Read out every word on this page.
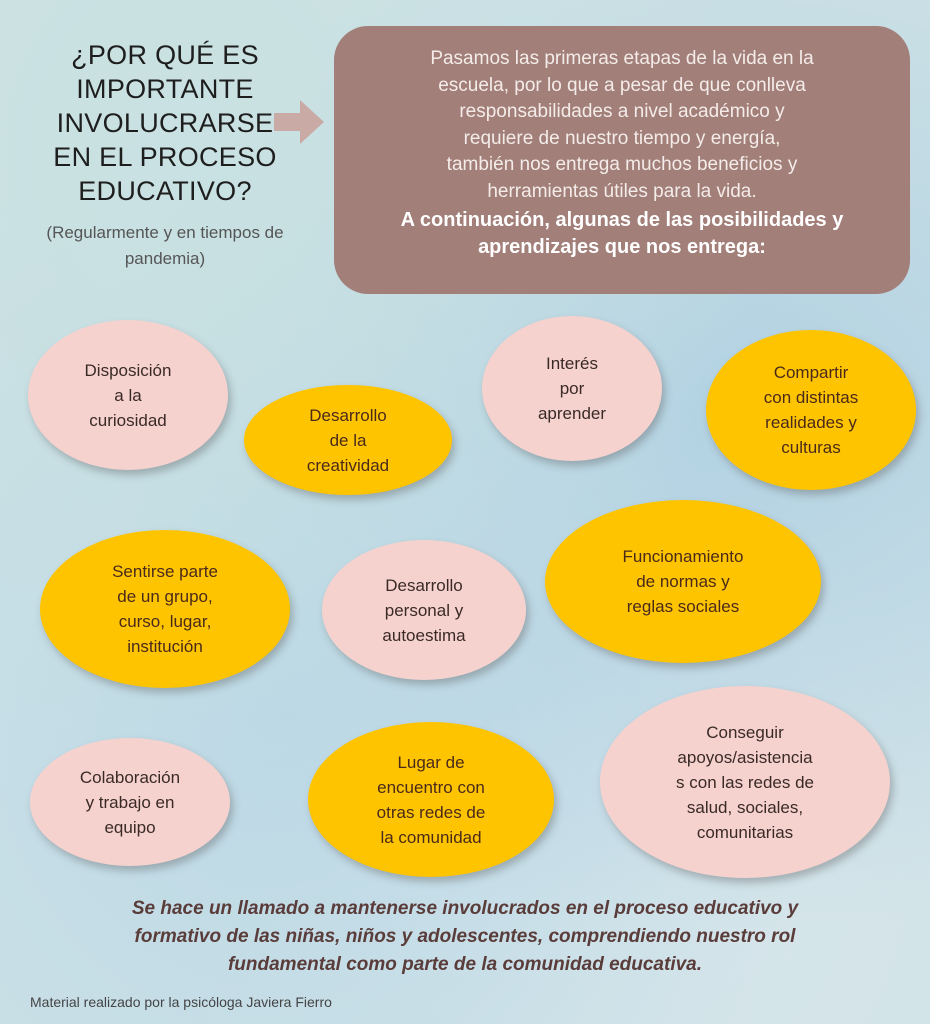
¿POR QUÉ ES
IMPORTANTE
INVOLUCRARSE
EN EL PROCESO
EDUCATIVO?
(Regularmente y en tiempos de
pandemia)
Pasamos las primeras etapas de la vida en la
escuela, por lo que a pesar de que conlleva
responsabilidades a nivel académico y
requiere de nuestro tiempo y energía,
también nos entrega muchos beneficios y
herramientas útiles para la vida.
A continuación, algunas de las posibilidades y
aprendizajes que nos entrega:
Disposición
a la
curiosidad	Desarrollo
de la
creatividad
Interés
por
aprender
Compartir
con distintas
realidades y
culturas
Sentirse parte
de un grupo,
curso, lugar,
institución
Desarrollo
personal y
autoestima
Funcionamiento
de normas y
reglas sociales
Colaboración
y trabajo en
equipo
Lugar de
encuentro con
otras redes de
la comunidad
Conseguir
apoyos/asistencia
s con las redes de
salud, sociales,
comunitarias
Se hace un llamado a mantenerse involucrados en el proceso educativo y
formativo de las niñas, niños y adolescentes, comprendiendo nuestro rol
fundamental como parte de la comunidad educativa.
Material realizado por la psicóloga Javiera Fierro
